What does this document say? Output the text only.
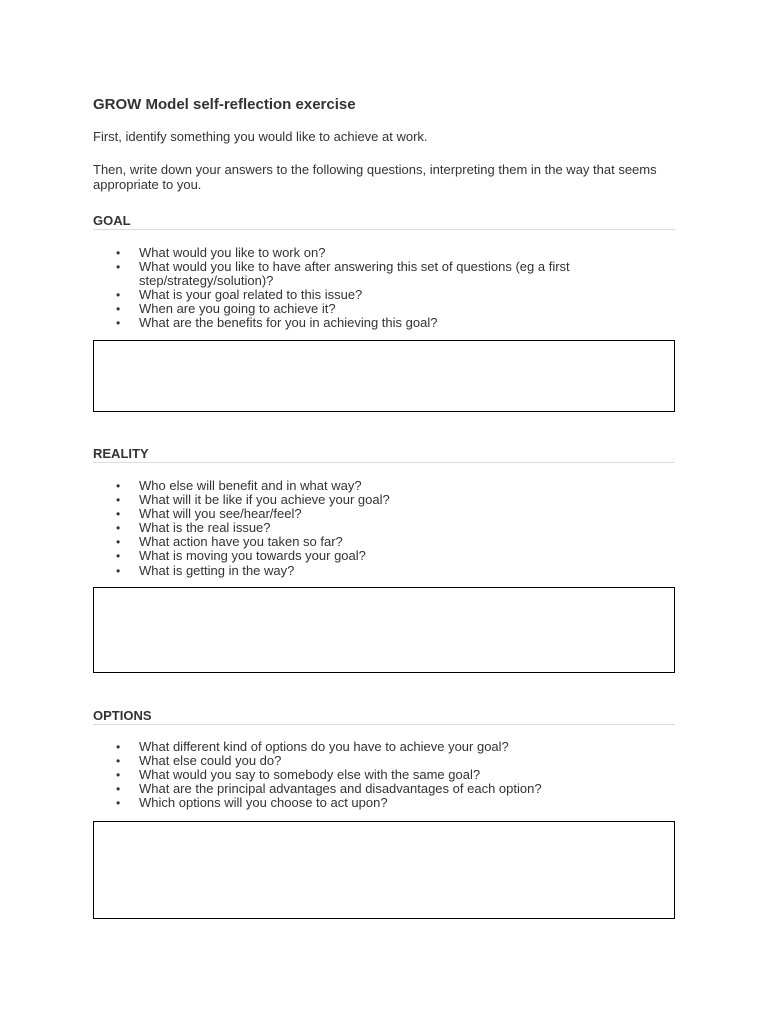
GROW Model self-reflection exercise

First, identify something you would like to achieve at work.

Then, write down your answers to the following questions, interpreting them in the way that seems appropriate to you.

GOAL
• What would you like to work on?
• What would you like to have after answering this set of questions (eg a first step/strategy/solution)?
• What is your goal related to this issue?
• When are you going to achieve it?
• What are the benefits for you in achieving this goal?
REALITY
• Who else will benefit and in what way?
• What will it be like if you achieve your goal?
• What will you see/hear/feel?
• What is the real issue?
• What action have you taken so far?
• What is moving you towards your goal?
• What is getting in the way?
OPTIONS
• What different kind of options do you have to achieve your goal?
• What else could you do?
• What would you say to somebody else with the same goal?
• What are the principal advantages and disadvantages of each option?
• Which options will you choose to act upon?
